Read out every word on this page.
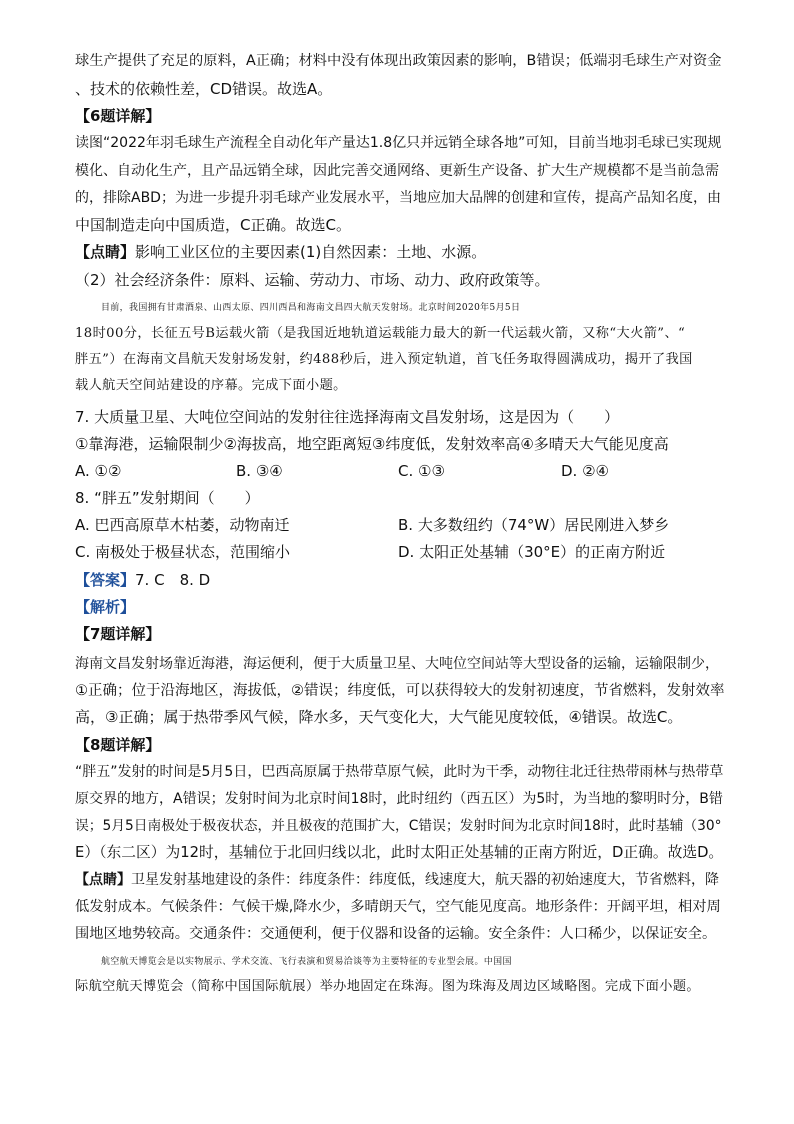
球生产提供了充足的原料，A正确；材料中没有体现出政策因素的影响，B错误；低端羽毛球生产对资金
、技术的依赖性差，CD错误。故选A。
【6题详解】
读图“2022年羽毛球生产流程全自动化年产量达1.8亿只并远销全球各地”可知，目前当地羽毛球已实现规
模化、自动化生产，且产品远销全球，因此完善交通网络、更新生产设备、扩大生产规模都不是当前急需
的，排除ABD；为进一步提升羽毛球产业发展水平，当地应加大品牌的创建和宣传，提高产品知名度，由
中国制造走向中国质造，C正确。故选C。
【点睛】影响工业区位的主要因素(1)自然因素：土地、水源。
（2）社会经济条件：原料、运输、劳动力、市场、动力、政府政策等。
目前，我国拥有甘肃酒泉、山西太原、四川西昌和海南文昌四大航天发射场。北京时间2020年5月5日
18时00分，长征五号B运载火箭（是我国近地轨道运载能力最大的新一代运载火箭，又称“大火箭”、“
胖五”）在海南文昌航天发射场发射，约488秒后，进入预定轨道，首飞任务取得圆满成功，揭开了我国
载人航天空间站建设的序幕。完成下面小题。
7. 大质量卫星、大吨位空间站的发射往往选择海南文昌发射场，这是因为（　　）
①靠海港，运输限制少②海拔高，地空距离短③纬度低，发射效率高④多晴天大气能见度高
A. ①②	B. ③④	C. ①③	D. ②④
8. “胖五”发射期间（　　）
A. 巴西高原草木枯萎，动物南迁	B. 大多数纽约（74°W）居民刚进入梦乡
C. 南极处于极昼状态，范围缩小	D. 太阳正处基辅（30°E）的正南方附近
【答案】7. C　8. D
【解析】
【7题详解】
海南文昌发射场靠近海港，海运便利，便于大质量卫星、大吨位空间站等大型设备的运输，运输限制少，
①正确；位于沿海地区，海拔低，②错误；纬度低，可以获得较大的发射初速度，节省燃料，发射效率
高，③正确；属于热带季风气候，降水多，天气变化大，大气能见度较低，④错误。故选C。
【8题详解】
“胖五”发射的时间是5月5日，巴西高原属于热带草原气候，此时为干季，动物往北迁往热带雨林与热带草
原交界的地方，A错误；发射时间为北京时间18时，此时纽约（西五区）为5时，为当地的黎明时分，B错
误；5月5日南极处于极夜状态，并且极夜的范围扩大，C错误；发射时间为北京时间18时，此时基辅（30°
E）（东二区）为12时，基辅位于北回归线以北，此时太阳正处基辅的正南方附近，D正确。故选D。
【点睛】卫星发射基地建设的条件：纬度条件：纬度低，线速度大，航天器的初始速度大，节省燃料，降
低发射成本。气候条件：气候干燥,降水少，多晴朗天气，空气能见度高。地形条件：开阔平坦，相对周
围地区地势较高。交通条件：交通便利，便于仪器和设备的运输。安全条件：人口稀少，以保证安全。
航空航天博览会是以实物展示、学术交流、飞行表演和贸易洽谈等为主要特征的专业型会展。中国国
际航空航天博览会（简称中国国际航展）举办地固定在珠海。图为珠海及周边区域略图。完成下面小题。
